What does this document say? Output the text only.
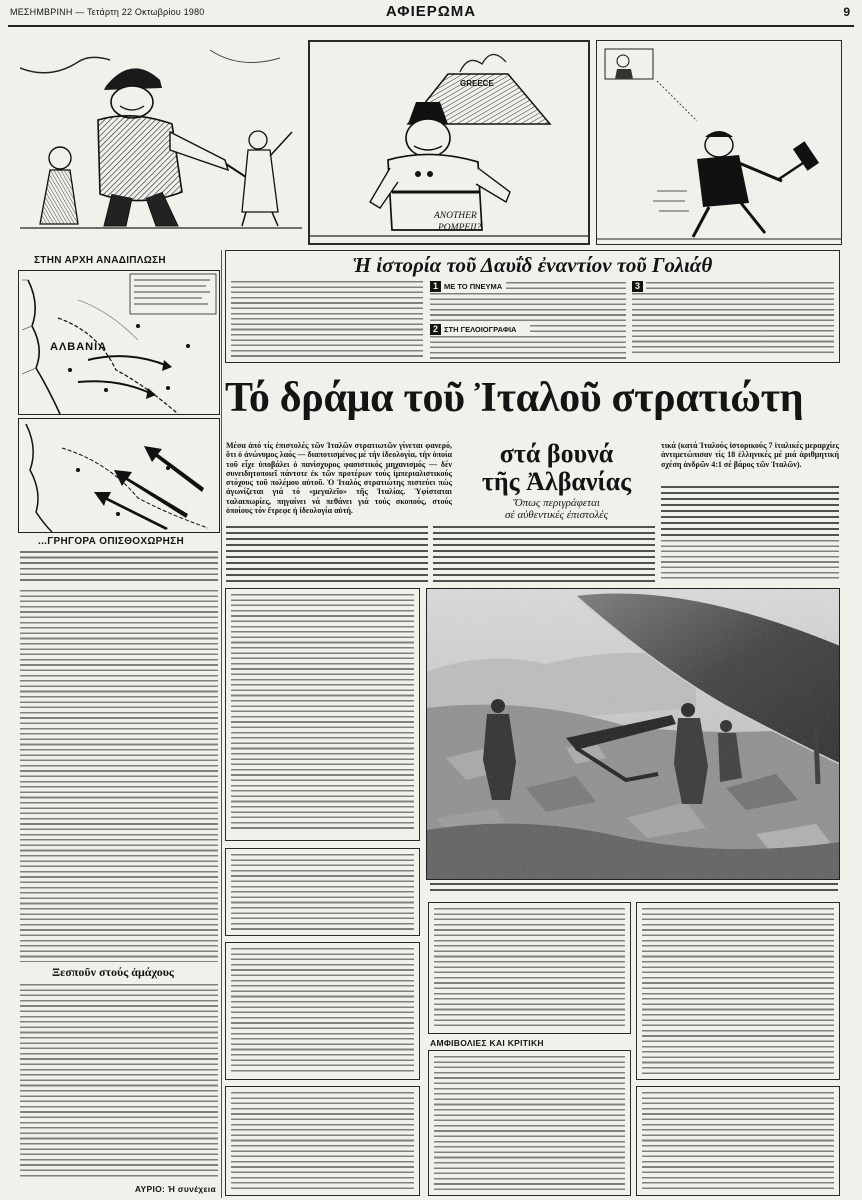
ΜΕΣΗΜΒΡΙΝΗ — Τετάρτη 22 Οκτωβρίου 1980	ΑΦΙΕΡΩΜΑ	9
GREECE
ANOTHER
POMPEII?
ΣΤΗΝ ΑΡΧΗ ΑΝΑΔΙΠΛΩΣΗ
ΑΛΒΑΝΙΑ
...ΓΡΗΓΟΡΑ ΟΠΙΣΘΟΧΩΡΗΣΗ
Ξεσποῦν στούς ἀμάχους
ΑΥΡΙΟ: Ἡ συνέχεια
Ἡ ἱστορία τοῦ Δαυΐδ ἐναντίον τοῦ Γολιάθ
1 ΜΕ ΤΟ ΠΝΕΥΜΑ
2 ΣΤΗ ΓΕΛΟΙΟΓΡΑΦΙΑ
3
Τό δράμα τοῦ Ἰταλοῦ στρατιώτη
Μέσα ἀπό τίς ἐπιστολές τῶν Ἰταλῶν στρατιωτῶν γίνεται φανερό, ὅτι ὁ ἀνώνυμος λαός — διαποτισμένος μέ τήν ἰδεολογία, τήν ὁποία τοῦ εἶχε ὑποβάλει ὁ πανίσχυρος φασιστικός μηχανισμός — δέν συνειδητοποιεῖ πάντοτε ἐκ τῶν προτέρων τούς ἰμπεριαλιστικούς στόχους τοῦ πολέμου αὐτοῦ. Ὁ Ἰταλός στρατιώτης πιστεύει πώς ἀγωνίζεται γιά τό «μεγαλεῖο» τῆς Ἰταλίας. Ὑφίσταται ταλαιπωρίες, πηγαίνει νά πεθάνει γιά τούς σκοπούς, στούς ὁποίους τόν ἔτρεφε ἡ ἰδεολογία αὐτή.
στά βουνά
τῆς Ἀλβανίας
Ὅπως περιγράφεται
σέ αὐθεντικές ἐπιστολές
τικά (κατά Ἰταλούς ἱστορικούς 7 ἰταλικές μεραρχίες ἀντιμετώπισαν τίς 18 ἑλληνικές μέ μιά ἀριθμητική σχέση ἀνδρῶν 4:1 σέ βάρος τῶν Ἰταλῶν).
ΑΜΦΙΒΟΛΙΕΣ ΚΑΙ ΚΡΙΤΙΚΗ
